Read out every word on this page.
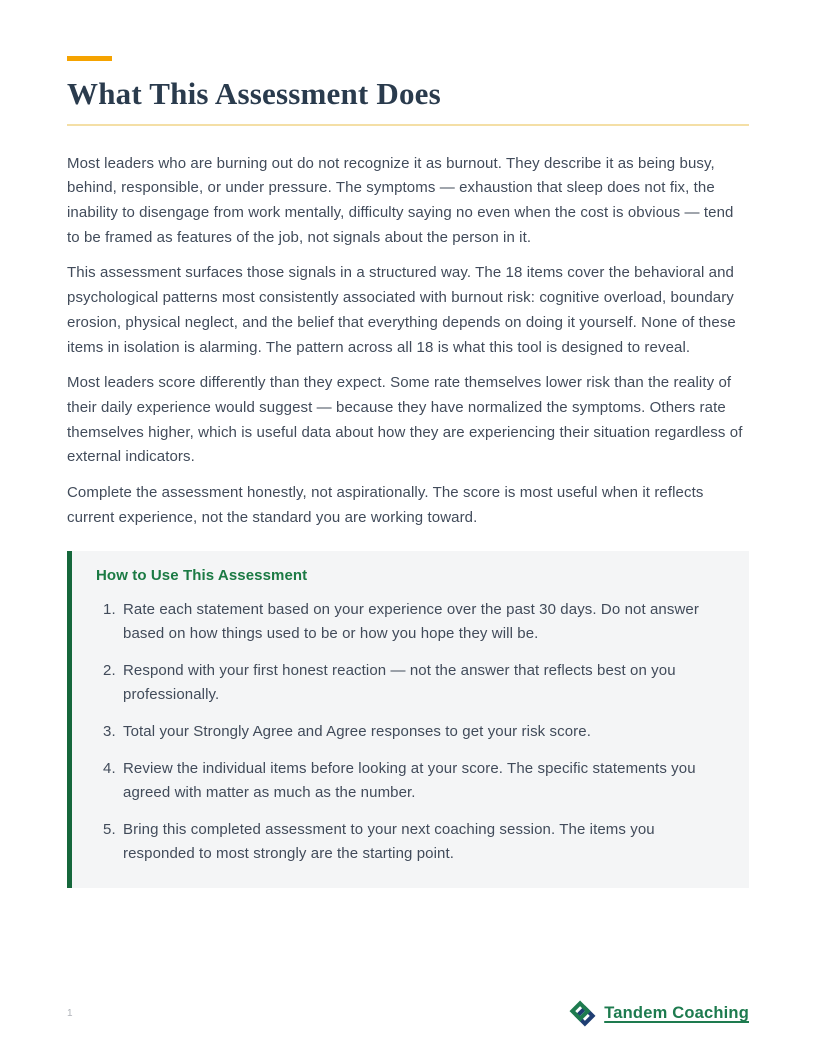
What This Assessment Does

Most leaders who are burning out do not recognize it as burnout. They describe it as being busy, behind, responsible, or under pressure. The symptoms — exhaustion that sleep does not fix, the inability to disengage from work mentally, difficulty saying no even when the cost is obvious — tend to be framed as features of the job, not signals about the person in it.

This assessment surfaces those signals in a structured way. The 18 items cover the behavioral and psychological patterns most consistently associated with burnout risk: cognitive overload, boundary erosion, physical neglect, and the belief that everything depends on doing it yourself. None of these items in isolation is alarming. The pattern across all 18 is what this tool is designed to reveal.

Most leaders score differently than they expect. Some rate themselves lower risk than the reality of their daily experience would suggest — because they have normalized the symptoms. Others rate themselves higher, which is useful data about how they are experiencing their situation regardless of external indicators.

Complete the assessment honestly, not aspirationally. The score is most useful when it reflects current experience, not the standard you are working toward.

How to Use This Assessment
1. Rate each statement based on your experience over the past 30 days. Do not answer based on how things used to be or how you hope they will be.
2. Respond with your first honest reaction — not the answer that reflects best on you professionally.
3. Total your Strongly Agree and Agree responses to get your risk score.
4. Review the individual items before looking at your score. The specific statements you agreed with matter as much as the number.
5. Bring this completed assessment to your next coaching session. The items you responded to most strongly are the starting point.
1	Tandem Coaching
